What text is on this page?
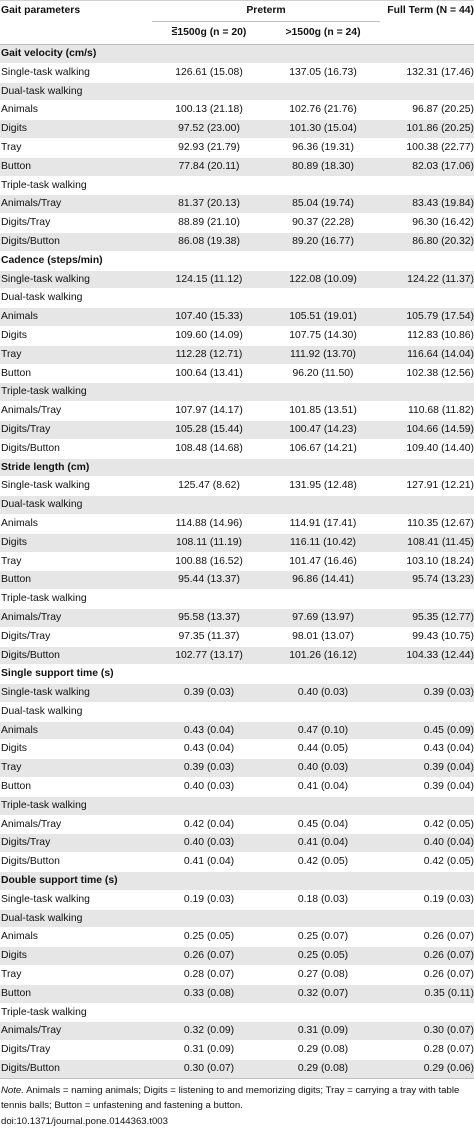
Gait parameters	Preterm		Full Term (N = 44)
	≤1500g (n = 20)	>1500g (n = 24)	
Gait velocity (cm/s)			
Single-task walking	126.61 (15.08)	137.05 (16.73)	132.31 (17.46)
Dual-task walking			
Animals	100.13 (21.18)	102.76 (21.76)	96.87 (20.25)
Digits	97.52 (23.00)	101.30 (15.04)	101.86 (20.25)
Tray	92.93 (21.79)	96.36 (19.31)	100.38 (22.77)
Button	77.84 (20.11)	80.89 (18.30)	82.03 (17.06)
Triple-task walking			
Animals/Tray	81.37 (20.13)	85.04 (19.74)	83.43 (19.84)
Digits/Tray	88.89 (21.10)	90.37 (22.28)	96.30 (16.42)
Digits/Button	86.08 (19.38)	89.20 (16.77)	86.80 (20.32)
Cadence (steps/min)			
Single-task walking	124.15 (11.12)	122.08 (10.09)	124.22 (11.37)
Dual-task walking			
Animals	107.40 (15.33)	105.51 (19.01)	105.79 (17.54)
Digits	109.60 (14.09)	107.75 (14.30)	112.83 (10.86)
Tray	112.28 (12.71)	111.92 (13.70)	116.64 (14.04)
Button	100.64 (13.41)	96.20 (11.50)	102.38 (12.56)
Triple-task walking			
Animals/Tray	107.97 (14.17)	101.85 (13.51)	110.68 (11.82)
Digits/Tray	105.28 (15.44)	100.47 (14.23)	104.66 (14.59)
Digits/Button	108.48 (14.68)	106.67 (14.21)	109.40 (14.40)
Stride length (cm)			
Single-task walking	125.47 (8.62)	131.95 (12.48)	127.91 (12.21)
Dual-task walking			
Animals	114.88 (14.96)	114.91 (17.41)	110.35 (12.67)
Digits	108.11 (11.19)	116.11 (10.42)	108.41 (11.45)
Tray	100.88 (16.52)	101.47 (16.46)	103.10 (18.24)
Button	95.44 (13.37)	96.86 (14.41)	95.74 (13.23)
Triple-task walking			
Animals/Tray	95.58 (13.37)	97.69 (13.97)	95.35 (12.77)
Digits/Tray	97.35 (11.37)	98.01 (13.07)	99.43 (10.75)
Digits/Button	102.77 (13.17)	101.26 (16.12)	104.33 (12.44)
Single support time (s)			
Single-task walking	0.39 (0.03)	0.40 (0.03)	0.39 (0.03)
Dual-task walking			
Animals	0.43 (0.04)	0.47 (0.10)	0.45 (0.09)
Digits	0.43 (0.04)	0.44 (0.05)	0.43 (0.04)
Tray	0.39 (0.03)	0.40 (0.03)	0.39 (0.04)
Button	0.40 (0.03)	0.41 (0.04)	0.39 (0.04)
Triple-task walking			
Animals/Tray	0.42 (0.04)	0.45 (0.04)	0.42 (0.05)
Digits/Tray	0.40 (0.03)	0.41 (0.04)	0.40 (0.04)
Digits/Button	0.41 (0.04)	0.42 (0.05)	0.42 (0.05)
Double support time (s)			
Single-task walking	0.19 (0.03)	0.18 (0.03)	0.19 (0.03)
Dual-task walking			
Animals	0.25 (0.05)	0.25 (0.07)	0.26 (0.07)
Digits	0.26 (0.07)	0.25 (0.05)	0.26 (0.07)
Tray	0.28 (0.07)	0.27 (0.08)	0.26 (0.07)
Button	0.33 (0.08)	0.32 (0.07)	0.35 (0.11)
Triple-task walking			
Animals/Tray	0.32 (0.09)	0.31 (0.09)	0.30 (0.07)
Digits/Tray	0.31 (0.09)	0.29 (0.08)	0.28 (0.07)
Digits/Button	0.30 (0.07)	0.29 (0.08)	0.29 (0.06)
Note. Animals = naming animals; Digits = listening to and memorizing digits; Tray = carrying a tray with table tennis balls; Button = unfastening and fastening a button.
doi:10.1371/journal.pone.0144363.t003
